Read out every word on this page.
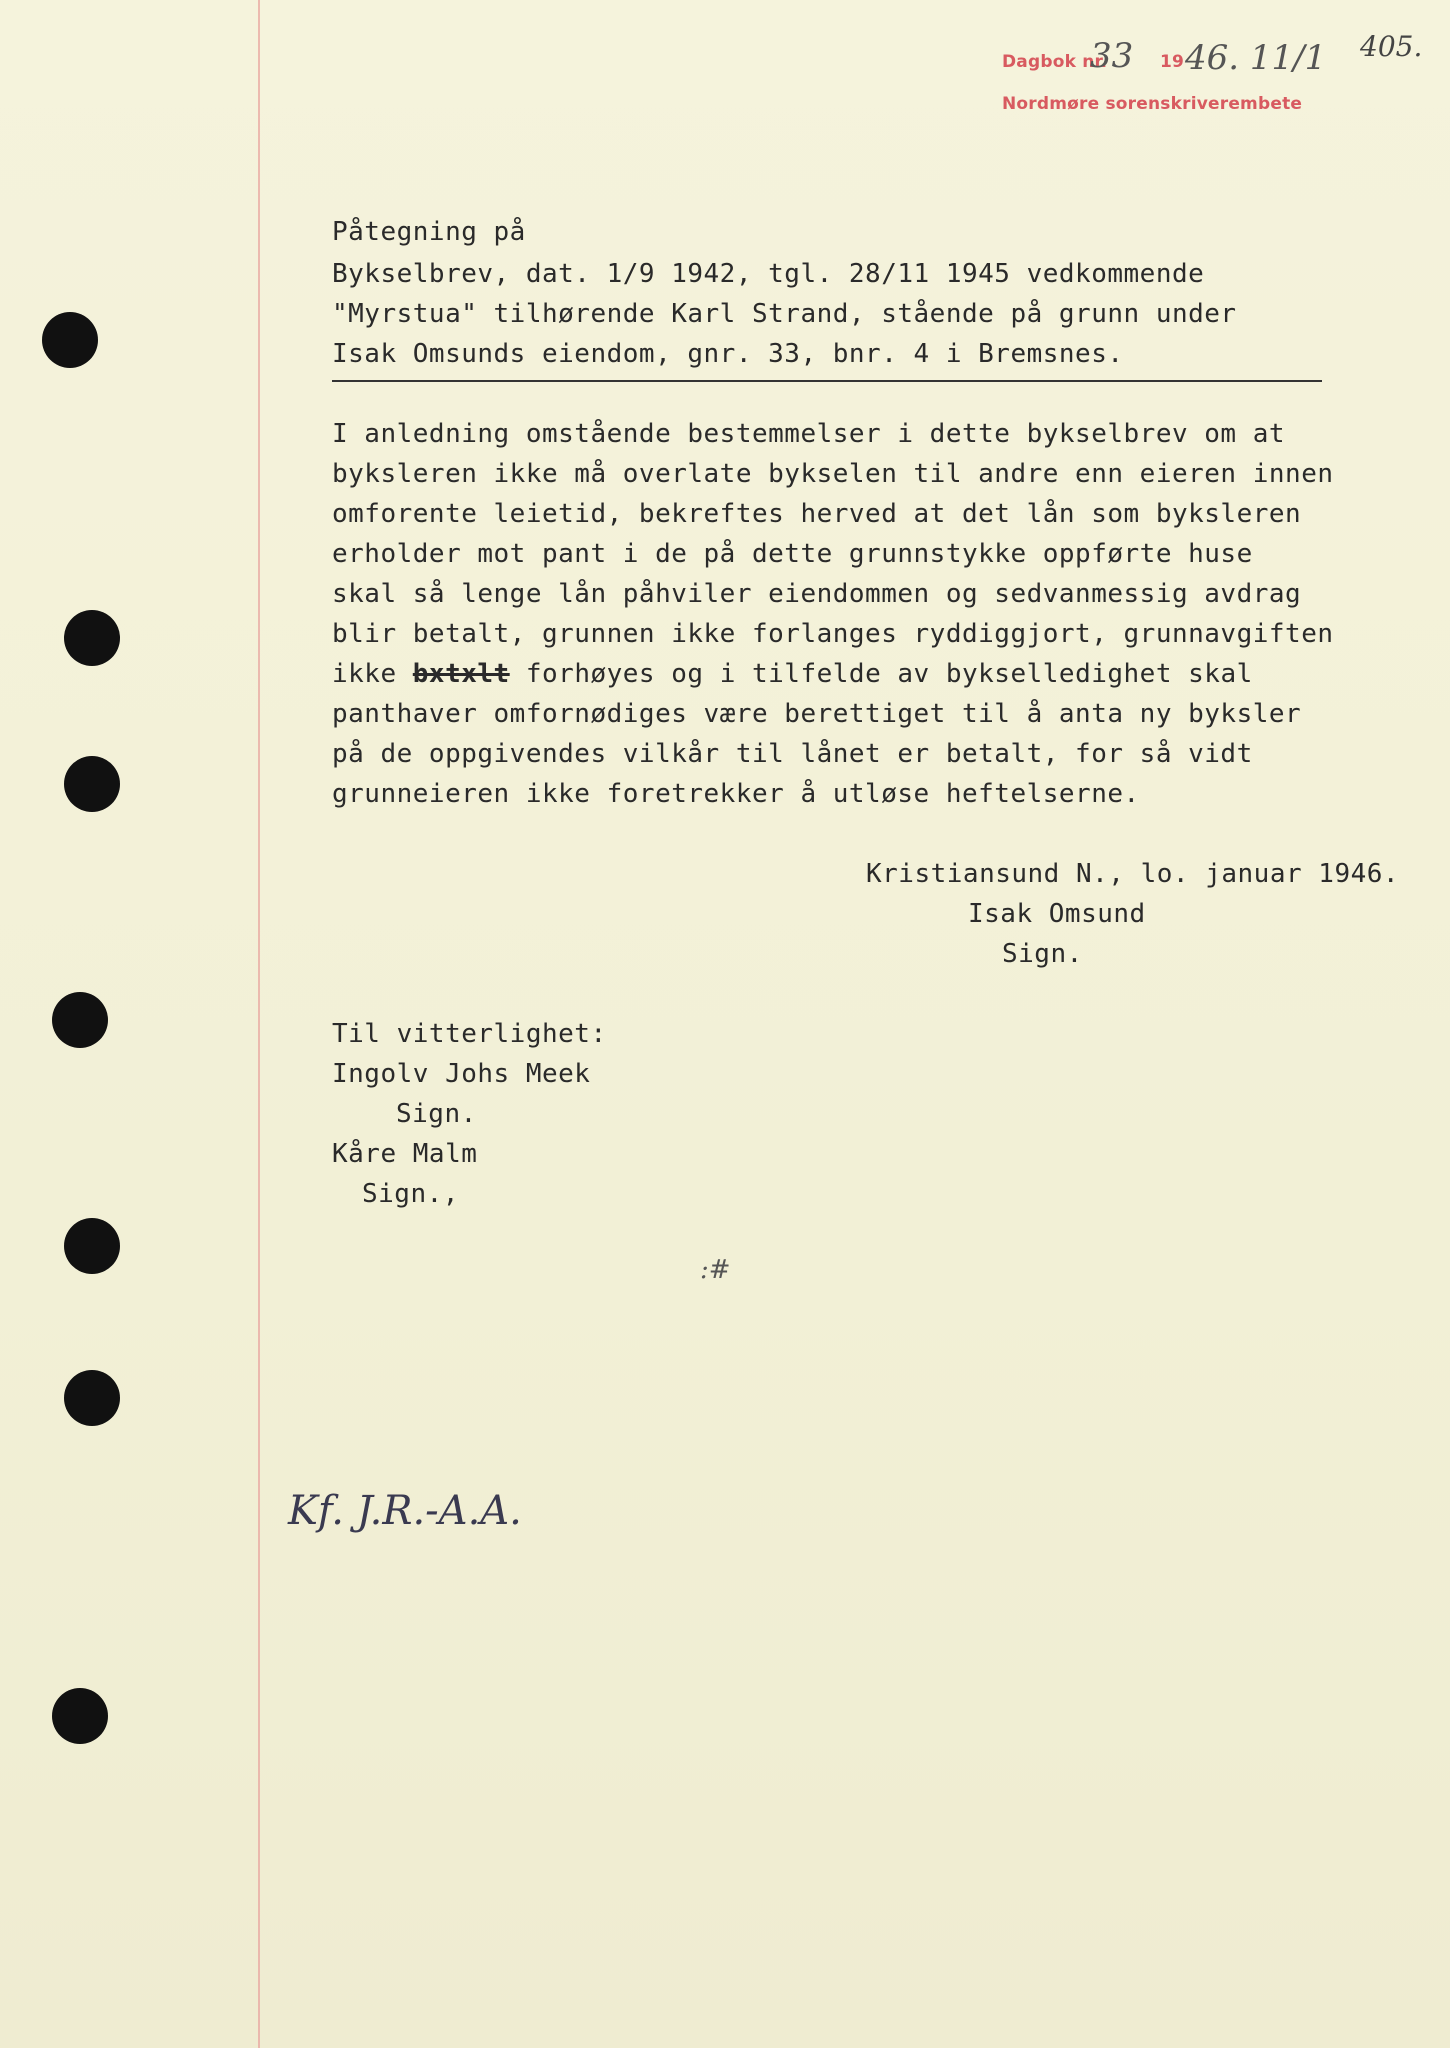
Dagbok nr.
33 19 46. 11/1
Nordmøre sorenskriverembete
405.
Påtegning på
Bykselbrev, dat. 1/9 1942, tgl. 28/11 1945 vedkommende
"Myrstua" tilhørende Karl Strand, stående på grunn under
Isak Omsunds eiendom, gnr. 33, bnr. 4 i Bremsnes.
I anledning omstående bestemmelser i dette bykselbrev om at
byksleren ikke må overlate bykselen til andre enn eieren innen
omforente leietid, bekreftes herved at det lån som byksleren
erholder mot pant i de på dette grunnstykke oppførte huse
skal så lenge lån påhviler eiendommen og sedvanmessig avdrag
blir betalt, grunnen ikke forlanges ryddiggjort, grunnavgiften
ikke bxtxlt forhøyes og i tilfelde av bykselledighet skal
panthaver omfornødiges være berettiget til å anta ny byksler
på de oppgivendes vilkår til lånet er betalt, for så vidt
grunneieren ikke foretrekker å utløse heftelserne.
Kristiansund N., lo. januar 1946.
Isak Omsund
Sign.
Til vitterlighet:
Ingolv Johs Meek
Sign.
Kåre Malm
Sign.,
:#
Kf. J.R.-A.A.
